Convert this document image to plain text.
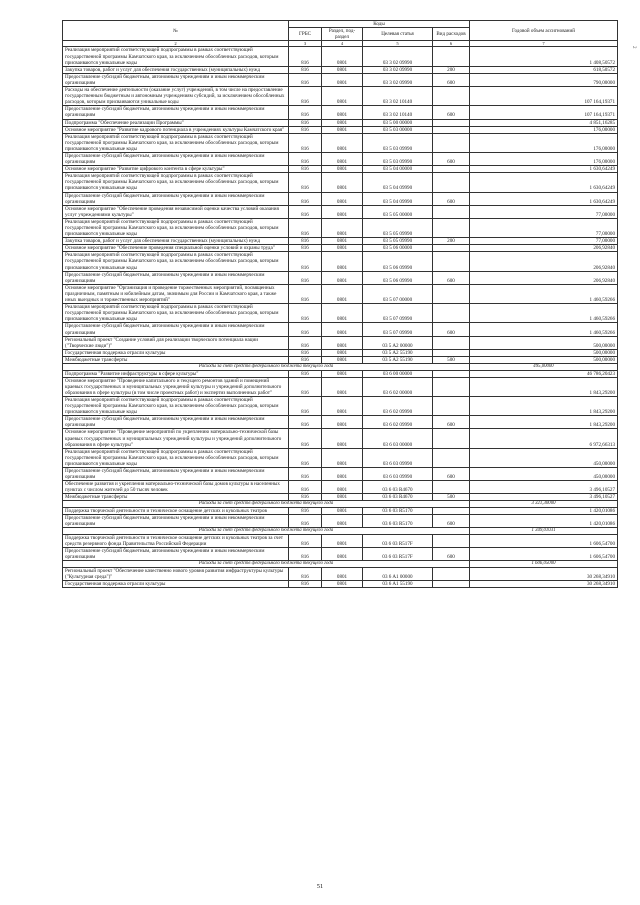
№	Коды				Годовой объем ассигнований
	ГРБС	Раздел, под-раздел	Целевая статья	Вид расходов	
2	3	4	5	6	7
Реализация мероприятий соответствующей подпрограммы в рамках соответствующей государственной программы Камчатского края, за исключением обособленных расходов, которым присваиваются уникальные коды	816	0801	03 3 02 09990		1 408,50572
Закупка товаров, работ и услуг для обеспечения государственных (муниципальных) нужд	816	0801	03 3 02 09990	200	618,50572
Предоставление субсидий бюджетным, автономным учреждениям и иным некоммерческим организациям	816	0801	03 3 02 09990	600	790,00000
Расходы на обеспечение деятельности (оказание услуг) учреждений, в том числе на предоставление государственным бюджетным и автономным учреждениям субсидий, за исключением обособленных расходов, которым присваиваются уникальные коды	816	0801	03 3 02 10140		107 164,19371
Предоставление субсидий бюджетным, автономным учреждениям и иным некоммерческим организациям	816	0801	03 3 02 10140	600	107 164,19371
Подпрограмма "Обеспечение реализации Программы"	816	0801	03 5 00 00000		4 851,16285
Основное мероприятие "Развитие кадрового потенциала в учреждениях культуры Камчатского края"	816	0801	03 5 03 00000		176,00000
Реализация мероприятий соответствующей подпрограммы в рамках соответствующей государственной программы Камчатского края, за исключением обособленных расходов, которым присваиваются уникальные коды	816	0801	03 5 03 09990		176,00000
Предоставление субсидий бюджетным, автономным учреждениям и иным некоммерческим организациям	816	0801	03 5 03 09990	600	176,00000
Основное мероприятие "Развитие цифрового контента в сфере культуры"	816	0801	03 5 04 00000		1 630,64249
Реализация мероприятий соответствующей подпрограммы в рамках соответствующей государственной программы Камчатского края, за исключением обособленных расходов, которым присваиваются уникальные коды	816	0801	03 5 04 09990		1 630,64249
Предоставление субсидий бюджетным, автономным учреждениям и иным некоммерческим организациям	816	0801	03 5 04 09990	600	1 630,64249
Основное мероприятие "Обеспечение проведения независимой оценки качества условий оказания услуг учреждениями культуры"	816	0801	03 5 05 00000		77,00000
Реализация мероприятий соответствующей подпрограммы в рамках соответствующей государственной программы Камчатского края, за исключением обособленных расходов, которым присваиваются уникальные коды	816	0801	03 5 05 09990		77,00000
Закупка товаров, работ и услуг для обеспечения государственных (муниципальных) нужд	816	0801	03 5 05 09990	200	77,00000
Основное мероприятие "Обеспечение проведения специальной оценки условий и охраны труда"	816	0801	03 5 06 00000		206,92840
Реализация мероприятий соответствующей подпрограммы в рамках соответствующей государственной программы Камчатского края, за исключением обособленных расходов, которым присваиваются уникальные коды	816	0801	03 5 06 09990		206,92840
Предоставление субсидий бюджетным, автономным учреждениям и иным некоммерческим организациям	816	0801	03 5 06 09990	600	206,92840
Основное мероприятие "Организация и проведение торжественных мероприятий, посвященных праздничным, памятным и юбилейным датам, значимым для России и Камчатского края, а также иных выездных и торжественных мероприятий"	816	0801	03 5 07 00000		1 460,59266
Реализация мероприятий соответствующей подпрограммы в рамках соответствующей государственной программы Камчатского края, за исключением обособленных расходов, которым присваиваются уникальные коды	816	0801	03 5 07 09990		1 460,59266
Предоставление субсидий бюджетным, автономным учреждениям и иным некоммерческим организациям	816	0801	03 5 07 09990	600	1 460,59266
Региональный проект "Создание условий для реализации творческого потенциала нации ("Творческие люди")"	816	0801	03 5 A2 00000		500,00000
Государственная поддержка отрасли культуры	816	0801	03 5 A2 55190		500,00000
Межбюджетные трансферты	816	0801	03 5 A2 55190	500	500,00000
Расходы за счет средств федерального бюджета текущего года					495,00000
Подпрограмма "Развитие инфраструктуры в сфере культуры"	816	0801	03 6 00 00000		46 786,20423
Основное мероприятие "Проведение капитального и текущего ремонтов зданий и помещений краевых государственных и муниципальных учреждений культуры и учреждений дополнительного образования в сфере культуры (в том числе проектных работ) и экспертиз выполненных работ"	816	0801	03 6 02 00000		1 843,29200
Реализация мероприятий соответствующей подпрограммы в рамках соответствующей государственной программы Камчатского края, за исключением обособленных расходов, которым присваиваются уникальные коды	816	0801	03 6 02 09990		1 843,29200
Предоставление субсидий бюджетным, автономным учреждениям и иным некоммерческим организациям	816	0801	03 6 02 09990	600	1 843,29200
Основное мероприятие "Проведение мероприятий по укреплению материально-технической базы краевых государственных и муниципальных учреждений культуры и учреждений дополнительного образования в сфере культуры"	816	0801	03 6 03 00000		6 972,66313
Реализация мероприятий соответствующей подпрограммы в рамках соответствующей государственной программы Камчатского края, за исключением обособленных расходов, которым присваиваются уникальные коды	816	0801	03 6 03 09990		450,00000
Предоставление субсидий бюджетным, автономным учреждениям и иным некоммерческим организациям	816	0801	03 6 03 09990	600	450,00000
Обеспечение развития и укрепления материально-технической базы домов культуры в населенных пунктах с числом жителей до 50 тысяч человек	816	0801	03 6 03 R4670		3 496,10527
Межбюджетные трансферты	816	0801	03 6 03 R4670	500	3 496,10527
Расходы за счет средств федерального бюджета текущего года					3 321,30000
Поддержка творческой деятельности и техническое оснащение детских и кукольных театров	816	0801	03 6 03 R5170		1 420,01086
Предоставление субсидий бюджетным, автономным учреждениям и иным некоммерческим организациям	816	0801	03 6 03 R5170	600	1 420,01086
Расходы за счет средств федерального бюджета текущего года					1 349,01031
Поддержка творческой деятельности и техническое оснащение детских и кукольных театров за счет средств резервного фонда Правительства Российской Федерации	816	0801	03 6 03 R517F		1 606,54700
Предоставление субсидий бюджетным, автономным учреждениям и иным некоммерческим организациям	816	0801	03 6 03 R517F	600	1 606,54700
Расходы за счет средств федерального бюджета текущего года					1 606,05000
Региональный проект "Обеспечение качественно нового уровня развития инфраструктуры культуры ("Культурная среда")"	816	0801	03 6 A1 00000		30 268,34910
Государственная поддержка отрасли культуры	816	0801	03 6 A1 55190		30 268,34910
2
51
